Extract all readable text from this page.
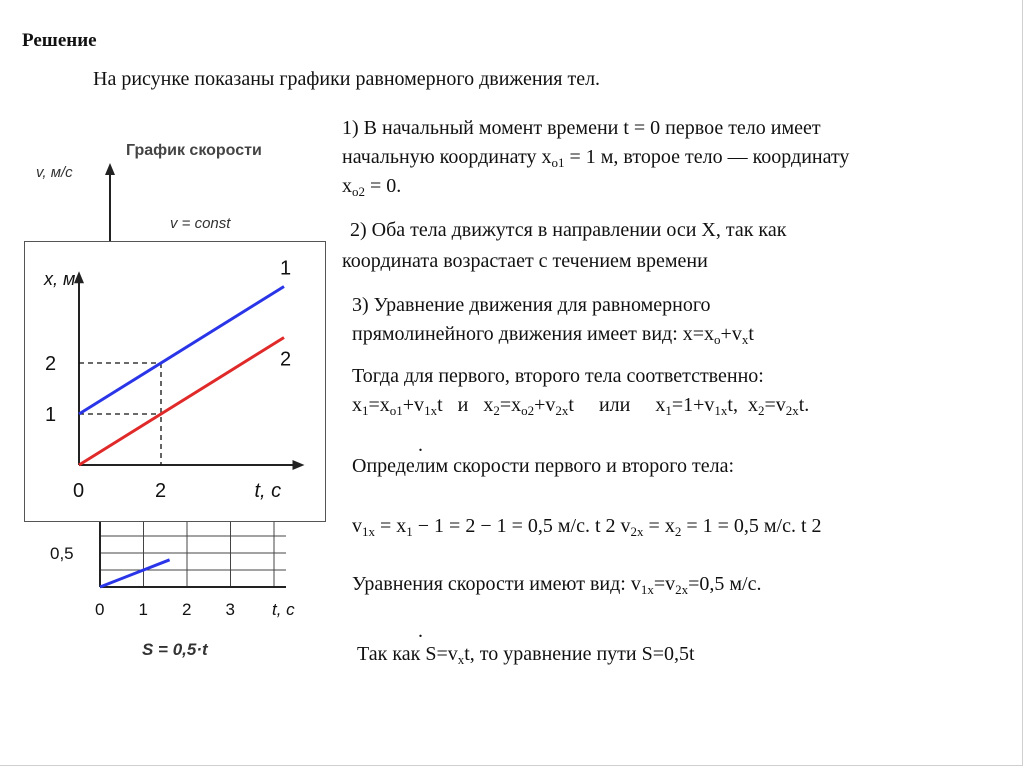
Решение
На рисунке показаны графики равномерного движения тел.
1) В начальный момент времени t = 0 первое тело имеет
начальную координату $x_{o1} = 1$ м, второе тело — координату
$x_{o2} = 0$.
2) Оба тела движутся в направлении оси X, так как
координата возрастает с течением времени
3) Уравнение движения для равномерного
прямолинейного движения имеет вид: $x=x_o+v_xt$
Тогда для первого, второго тела соответственно:
$x_1=x_{o1}+v_{1x}t$   и   $x_2=x_{o2}+v_{2x}t$     или     $x_1=1+v_{1x}t$,  $x_2=v_{2x}t$.
.
Определим скорости первого и второго тела:
$v_{1x} = x_1 - 1 = 2 - 1 = 0,5$ м/с. t 2 $v_{2x} = x_2 = 1 = 0,5$ м/с. t 2
Уравнения скорости имеют вид: $v_{1x}=v_{2x}=0,5$ м/с.
.
Так как $S=v_xt$, то уравнение пути S=0,5t
v, м/с
График скорости
v = const
0,5
0 1 2 3 t, с
S = 0,5·t
1
2
1
2
0	2
x, м
t, с
